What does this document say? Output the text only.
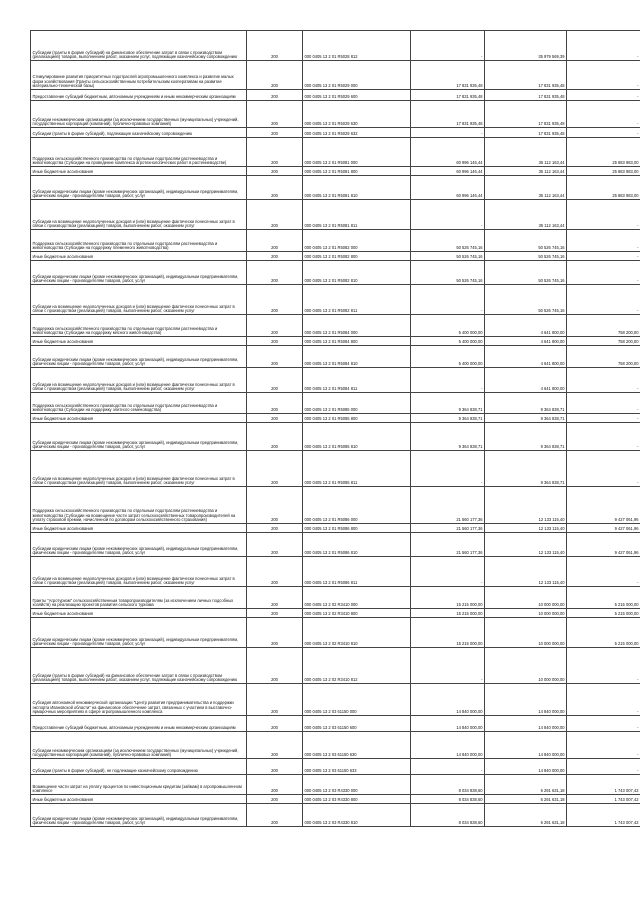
Субсидии (гранты в форме субсидий) на финансовое обеспечение затрат в связи с производством (реализацией) товаров, выполнением работ, оказанием услуг, подлежащие казначейскому сопровождению	200	000 0405 13 2 01 R5028 812	-	35 979 569,39	-
Стимулирование развития приоритетных подотраслей агропромышленного комплекса и развитие малых форм хозяйствования (Гранты сельскохозяйственным потребительским кооперативам на развитие материально-технической базы)	200	000 0405 13 2 01 R5029 000	17 831 935,48	17 831 935,48	-
Предоставление субсидий бюджетным, автономным учреждениям и иным некоммерческим организациям	200	000 0405 13 2 01 R5029 600	17 831 935,48	17 831 935,48	-
Субсидии некоммерческим организациям (за исключением государственных (муниципальных) учреждений, государственных корпораций (компаний), публично-правовых компаний)	200	000 0405 13 2 01 R5029 630	17 831 935,48	17 831 935,48	-
Субсидии (гранты в форме субсидий), подлежащие казначейскому сопровождению	200	000 0405 13 2 01 R5029 632	-	17 831 935,48	-
Поддержка сельскохозяйственного производства по отдельным подотраслям растениеводства и животноводства (Субсидии на проведение комплекса агротехнологических работ в растениеводстве)	200	000 0405 13 2 01 R5081 000	60 996 146,44	35 112 163,44	25 883 983,00
Иные бюджетные ассигнования	200	000 0405 13 2 01 R5081 800	60 996 146,44	35 112 163,44	25 883 983,00
Субсидии юридическим лицам (кроме некоммерческих организаций), индивидуальным предпринимателям, физическим лицам - производителям товаров, работ, услуг	200	000 0405 13 2 01 R5081 810	60 996 146,44	35 112 163,44	25 883 983,00
Субсидии на возмещение недополученных доходов и (или) возмещение фактически понесенных затрат в связи с производством (реализацией) товаров, выполнением работ, оказанием услуг	200	000 0405 13 2 01 R5081 811	-	35 112 163,44	-
Поддержка сельскохозяйственного производства по отдельным подотраслям растениеводства и животноводства (Субсидии на поддержку племенного животноводства)	200	000 0405 13 2 01 R5082 000	50 526 745,16	50 526 745,16	-
Иные бюджетные ассигнования	200	000 0405 13 2 01 R5082 800	50 526 745,16	50 526 745,16	-
Субсидии юридическим лицам (кроме некоммерческих организаций), индивидуальным предпринимателям, физическим лицам - производителям товаров, работ, услуг	200	000 0405 13 2 01 R5082 810	50 526 745,16	50 526 745,16	-
Субсидии на возмещение недополученных доходов и (или) возмещение фактически понесенных затрат в связи с производством (реализацией) товаров, выполнением работ, оказанием услуг	200	000 0405 13 2 01 R5082 811	-	50 526 745,16	-
Поддержка сельскохозяйственного производства по отдельным подотраслям растениеводства и животноводства (Субсидии на поддержку мясного животноводства)	200	000 0405 13 2 01 R5084 000	5 400 000,00	4 641 800,00	758 200,00
Иные бюджетные ассигнования	200	000 0405 13 2 01 R5084 800	5 400 000,00	4 641 800,00	758 200,00
Субсидии юридическим лицам (кроме некоммерческих организаций), индивидуальным предпринимателям, физическим лицам - производителям товаров, работ, услуг	200	000 0405 13 2 01 R5084 810	5 400 000,00	4 641 800,00	758 200,00
Субсидии на возмещение недополученных доходов и (или) возмещение фактически понесенных затрат в связи с производством (реализацией) товаров, выполнением работ, оказанием услуг	200	000 0405 13 2 01 R5084 811	-	4 641 800,00	-
Поддержка сельскохозяйственного производства по отдельным подотраслям растениеводства и животноводства (Субсидии на поддержку элитного семеноводства)	200	000 0405 13 2 01 R5085 000	9 364 838,71	9 364 838,71	-
Иные бюджетные ассигнования	200	000 0405 13 2 01 R5085 800	9 364 838,71	9 364 838,71	-
Субсидии юридическим лицам (кроме некоммерческих организаций), индивидуальным предпринимателям, физическим лицам - производителям товаров, работ, услуг	200	000 0405 13 2 01 R5085 810	9 364 838,71	9 364 838,71	-
Субсидии на возмещение недополученных доходов и (или) возмещение фактически понесенных затрат в связи с производством (реализацией) товаров, выполнением работ, оказанием услуг	200	000 0405 13 2 01 R5085 811	-	9 364 838,71	-
Поддержка сельскохозяйственного производства по отдельным подотраслям растениеводства и животноводства (Субсидии на возмещение части затрат сельскохозяйственных товаропроизводителей на уплату страховой премии, начисленной по договорам сельскохозяйственного страхования)	200	000 0405 13 2 01 R5086 000	21 560 177,36	12 133 115,40	9 427 061,96
Иные бюджетные ассигнования	200	000 0405 13 2 01 R5086 800	21 560 177,36	12 133 115,40	9 427 061,96
Субсидии юридическим лицам (кроме некоммерческих организаций), индивидуальным предпринимателям, физическим лицам - производителям товаров, работ, услуг	200	000 0405 13 2 01 R5086 810	21 560 177,36	12 133 115,40	9 427 061,96
Субсидии на возмещение недополученных доходов и (или) возмещение фактически понесенных затрат в связи с производством (реализацией) товаров, выполнением работ, оказанием услуг	200	000 0405 13 2 01 R5086 811	-	12 133 115,40	-
Гранты "Агротуризм" сельскохозяйственным товаропроизводителям (за исключением личных подсобных хозяйств) на реализацию проектов развития сельского туризма	200	000 0405 13 2 02 R3410 000	15 215 000,00	10 000 000,00	5 215 000,00
Иные бюджетные ассигнования	200	000 0405 13 2 02 R3410 800	15 215 000,00	10 000 000,00	5 215 000,00
Субсидии юридическим лицам (кроме некоммерческих организаций), индивидуальным предпринимателям, физическим лицам - производителям товаров, работ, услуг	200	000 0405 13 2 02 R3410 810	15 215 000,00	10 000 000,00	5 215 000,00
Субсидии (гранты в форме субсидий) на финансовое обеспечение затрат в связи с производством (реализацией) товаров, выполнением работ, оказанием услуг, подлежащие казначейскому сопровождению	200	000 0405 13 2 02 R3410 812	-	10 000 000,00	-
Субсидия автономной некоммерческой организации "Центр развития предпринимательства и поддержки экспорта Ивановской области" на финансовое обеспечение затрат, связанных с участием в выставочно-ярмарочных мероприятиях в сфере агропромышленного комплекса	200	000 0405 13 2 03 61150 000	14 840 000,00	14 840 000,00	-
Предоставление субсидий бюджетным, автономным учреждениям и иным некоммерческим организациям	200	000 0405 13 2 03 61150 600	14 840 000,00	14 840 000,00	-
Субсидии некоммерческим организациям (за исключением государственных (муниципальных) учреждений, государственных корпораций (компаний), публично-правовых компаний)	200	000 0405 13 2 03 61150 630	14 840 000,00	14 840 000,00	-
Субсидии (гранты в форме субсидий), не подлежащие казначейскому сопровождению	200	000 0405 13 2 03 61150 633	-	14 840 000,00	-
Возмещение части затрат на уплату процентов по инвестиционным кредитам (займам) в агропромышленном комплексе	200	000 0405 13 2 03 R4330 000	8 034 838,60	6 291 631,18	1 743 007,42
Иные бюджетные ассигнования	200	000 0405 13 2 03 R4330 800	8 034 838,60	6 291 631,18	1 743 007,42
Субсидии юридическим лицам (кроме некоммерческих организаций), индивидуальным предпринимателям, физическим лицам - производителям товаров, работ, услуг	200	000 0405 13 2 03 R4330 810	8 034 838,60	6 291 631,18	1 743 007,42
